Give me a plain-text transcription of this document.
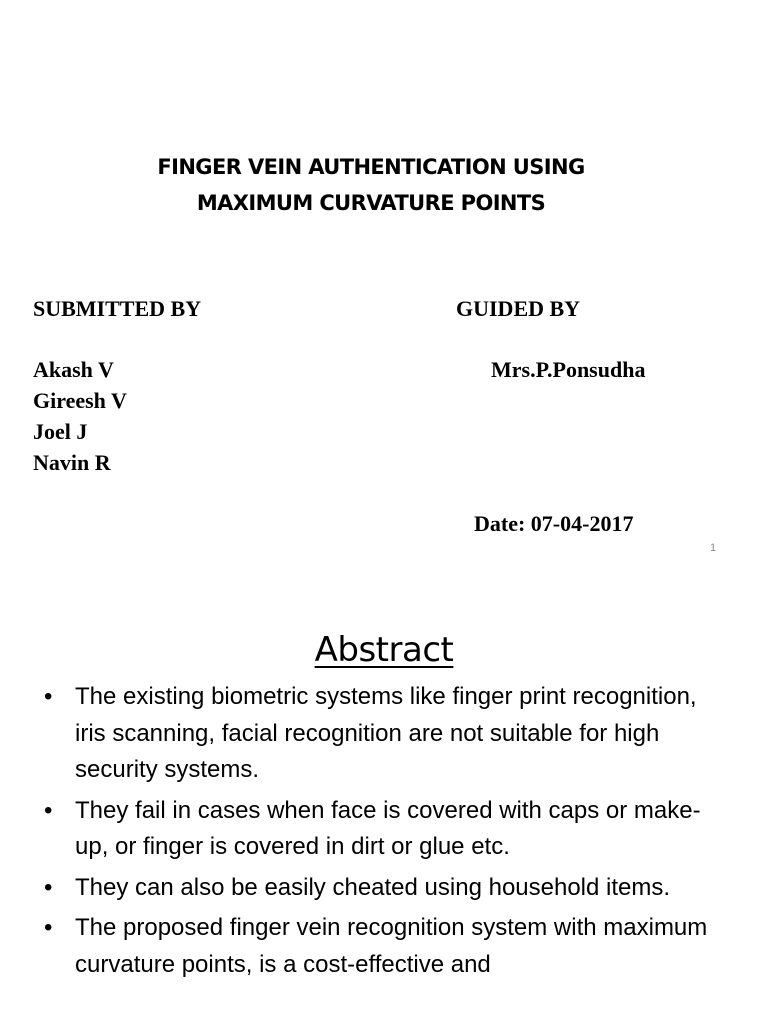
FINGER VEIN AUTHENTICATION USING
MAXIMUM CURVATURE POINTS
SUBMITTED BY	GUIDED BY
Akash V
Gireesh V
Joel J
Navin R
Mrs.P.Ponsudha
Date: 07-04-2017
1
Abstract
• The existing biometric systems like finger print recognition, iris scanning, facial recognition are not suitable for high security systems.
• They fail in cases when face is covered with caps or make-up, or finger is covered in dirt or glue etc.
• They can also be easily cheated using household items.
• The proposed finger vein recognition system with maximum curvature points, is a cost-effective and
